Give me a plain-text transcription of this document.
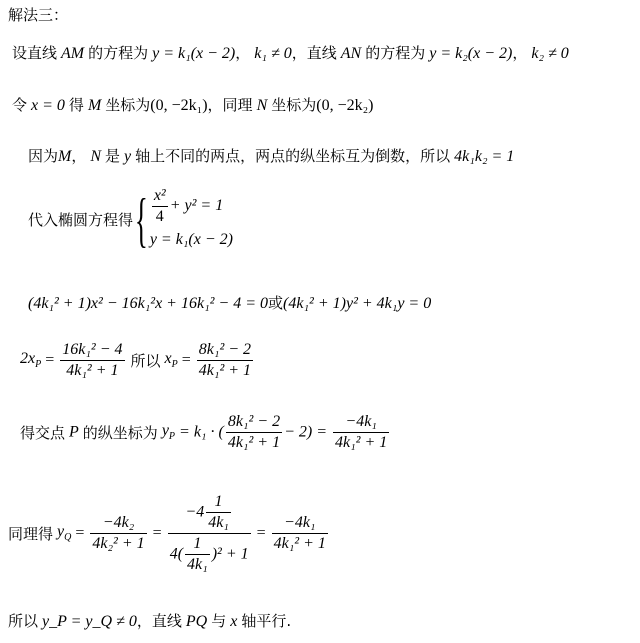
解法三：
设直线 AM 的方程为 y = k₁(x − 2)， k₁ ≠ 0，直线 AN 的方程为 y = k₂(x − 2)， k₂ ≠ 0
令 x = 0 得 M 坐标为(0, −2k₁)，同理 N 坐标为(0, −2k₂)
因为M， N 是 y 轴上不同的两点，两点的纵坐标互为倒数，所以 4k₁k₂ = 1
代入椭圆方程得{ $\frac{\text{x²}}{4} + y^2 = 1$
y = k₁(x − 2)
(4k₁² + 1)x² − 16k₁²x + 16k₁² − 4 = 0或(4k₁² + 1)y² + 4k₁y = 0
$2x_P = \frac{\text{16k₁² − 4}}{\text{4k₁² + 1}}$ 所以 $x_P = \frac{\text{8k₁² − 2}}{\text{4k₁² + 1}}$
得交点 P 的纵坐标为 $y_P = k_1$ · ( $\frac{\text{8k₁² − 2}}{\text{4k₁² + 1}} - 2) = \frac{\text{−4k₁}}{\text{4k₁² + 1}}$
同理得 $y_Q = \frac{\text{−4k₂}}{\text{4k₂² + 1}} = \frac{-4 \frac{1}{\text{4k₁}}}{4( \frac{1}{\text{4k₁}} )^2 + 1} = \frac{\text{−4k₁}}{\text{4k₁² + 1}}$
所以 y_P = y_Q ≠ 0，直线 PQ 与 x 轴平行.
